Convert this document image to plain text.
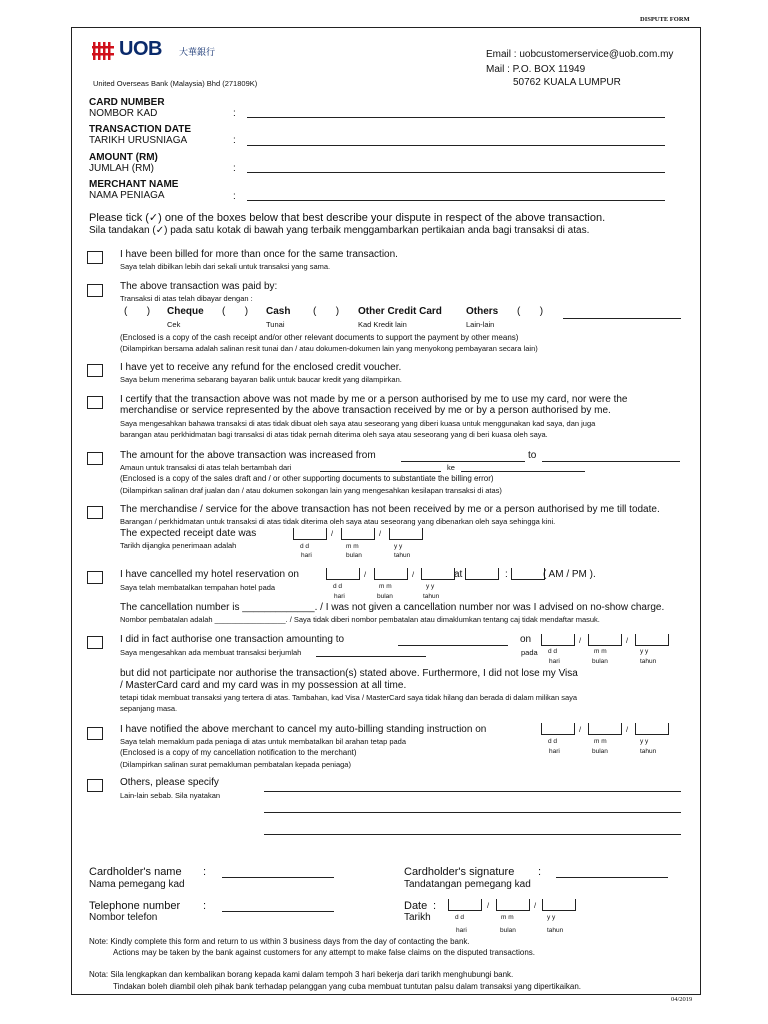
DISPUTE FORM
UOB 大華銀行
United Overseas Bank (Malaysia) Bhd (271809K)
Email : uobcustomerservice@uob.com.my
Mail : P.O. BOX 11949
50762 KUALA LUMPUR
CARD NUMBER
NOMBOR KAD	:
TRANSACTION DATE
TARIKH URUSNIAGA	:
AMOUNT (RM)
JUMLAH (RM)	:
MERCHANT NAME
NAMA PENIAGA	:
Please tick (✓) one of the boxes below that best describe your dispute in respect of the above transaction.
Sila tandakan (✓) pada satu kotak di bawah yang terbaik menggambarkan pertikaian anda bagi transaksi di atas.
I have been billed for more than once for the same transaction.
Saya telah dibilkan lebih dari sekali untuk transaksi yang sama.
The above transaction was paid by:
Transaksi di atas telah dibayar dengan :
(       ) Cheque (       ) Cash (       ) Other Credit Card Others (       )
Cek	Tunai	Kad Kredit lain	Lain-lain
(Enclosed is a copy of the cash receipt and/or other relevant documents to support the payment by other means)
(Dilampirkan bersama adalah salinan resit tunai dan / atau dokumen-dokumen lain yang menyokong pembayaran secara lain)
I have yet to receive any refund for the enclosed credit voucher.
Saya belum menerima sebarang bayaran balik untuk baucar kredit yang dilampirkan.
I certify that the transaction above was not made by me or a person authorised by me to use my card, nor were the
merchandise or service represented by the above transaction received by me or by a person authorised by me.
Saya mengesahkan bahawa transaksi di atas tidak dibuat oleh saya atau seseorang yang diberi kuasa untuk menggunakan kad saya, dan juga
barangan atau perkhidmatan bagi transaksi di atas tidak pernah diterima oleh saya atau seseorang yang di beri kuasa oleh saya.
The amount for the above transaction was increased from	to
Amaun untuk transaksi di atas telah bertambah dari	ke
(Enclosed is a copy of the sales draft and / or other supporting documents to substantiate the billing error)
(Dilampirkan salinan draf jualan dan / atau dokumen sokongan lain yang mengesahkan kesilapan transaksi di atas)
The merchandise / service for the above transaction has not been received by me or a person authorised by me till todate.
Barangan / perkhidmatan untuk transaksi di atas tidak diterima oleh saya atau seseorang yang dibenarkan oleh saya sehingga kini.
The expected receipt date was
Tarikh dijangka penerimaan adalah
/	/
d d	m m	y y
hari	bulan	tahun
I have cancelled my hotel reservation on	/	/	at	:	( AM / PM ).
Saya telah membatalkan tempahan hotel pada	d d	m m	y y
hari	bulan	tahun
The cancellation number is _____________. / I was not given a cancellation number nor was I advised on no-show charge.
Nombor pembatalan adalah _________________. / Saya tidak diberi nombor pembatalan atau dimaklumkan tentang caj tidak mendaftar masuk.
I did in fact authorise one transaction amounting to	on	/	/
Saya mengesahkan ada membuat transaksi berjumlah	pada d d	m m	y y
hari	bulan	tahun
but did not participate nor authorise the transaction(s) stated above. Furthermore, I did not lose my Visa
/ MasterCard card and my card was in my possession at all time.
tetapi tidak membuat transaksi yang tertera di atas. Tambahan, kad Visa / MasterCard saya tidak hilang dan berada di dalam milikan saya
sepanjang masa.
I have notified the above merchant to cancel my auto-billing standing instruction on	/	/
Saya telah memaklum pada peniaga di atas untuk membatalkan bil arahan tetap pada	d d	m m	y y
(Enclosed is a copy of my cancellation notification to the merchant)	hari	bulan	tahun
(Dilampirkan salinan surat pemakluman pembatalan kepada peniaga)
Others, please specify
Lain-lain sebab. Sila nyatakan
Cardholder's name
Nama pemegang kad
:	Cardholder's signature
Tandatangan pemegang kad
:
Telephone number
Nombor telefon
:	Date :
Tarikh
/	/
d d	m m	y y
hari	bulan	tahun
Note: Kindly complete this form and return to us within 3 business days from the day of contacting the bank.
Actions may be taken by the bank against customers for any attempt to make false claims on the disputed transactions.
Nota: Sila lengkapkan dan kembalikan borang kepada kami dalam tempoh 3 hari bekerja dari tarikh menghubungi bank.
Tindakan boleh diambil oleh pihak bank terhadap pelanggan yang cuba membuat tuntutan palsu dalam transaksi yang dipertikaikan.
04/2019
